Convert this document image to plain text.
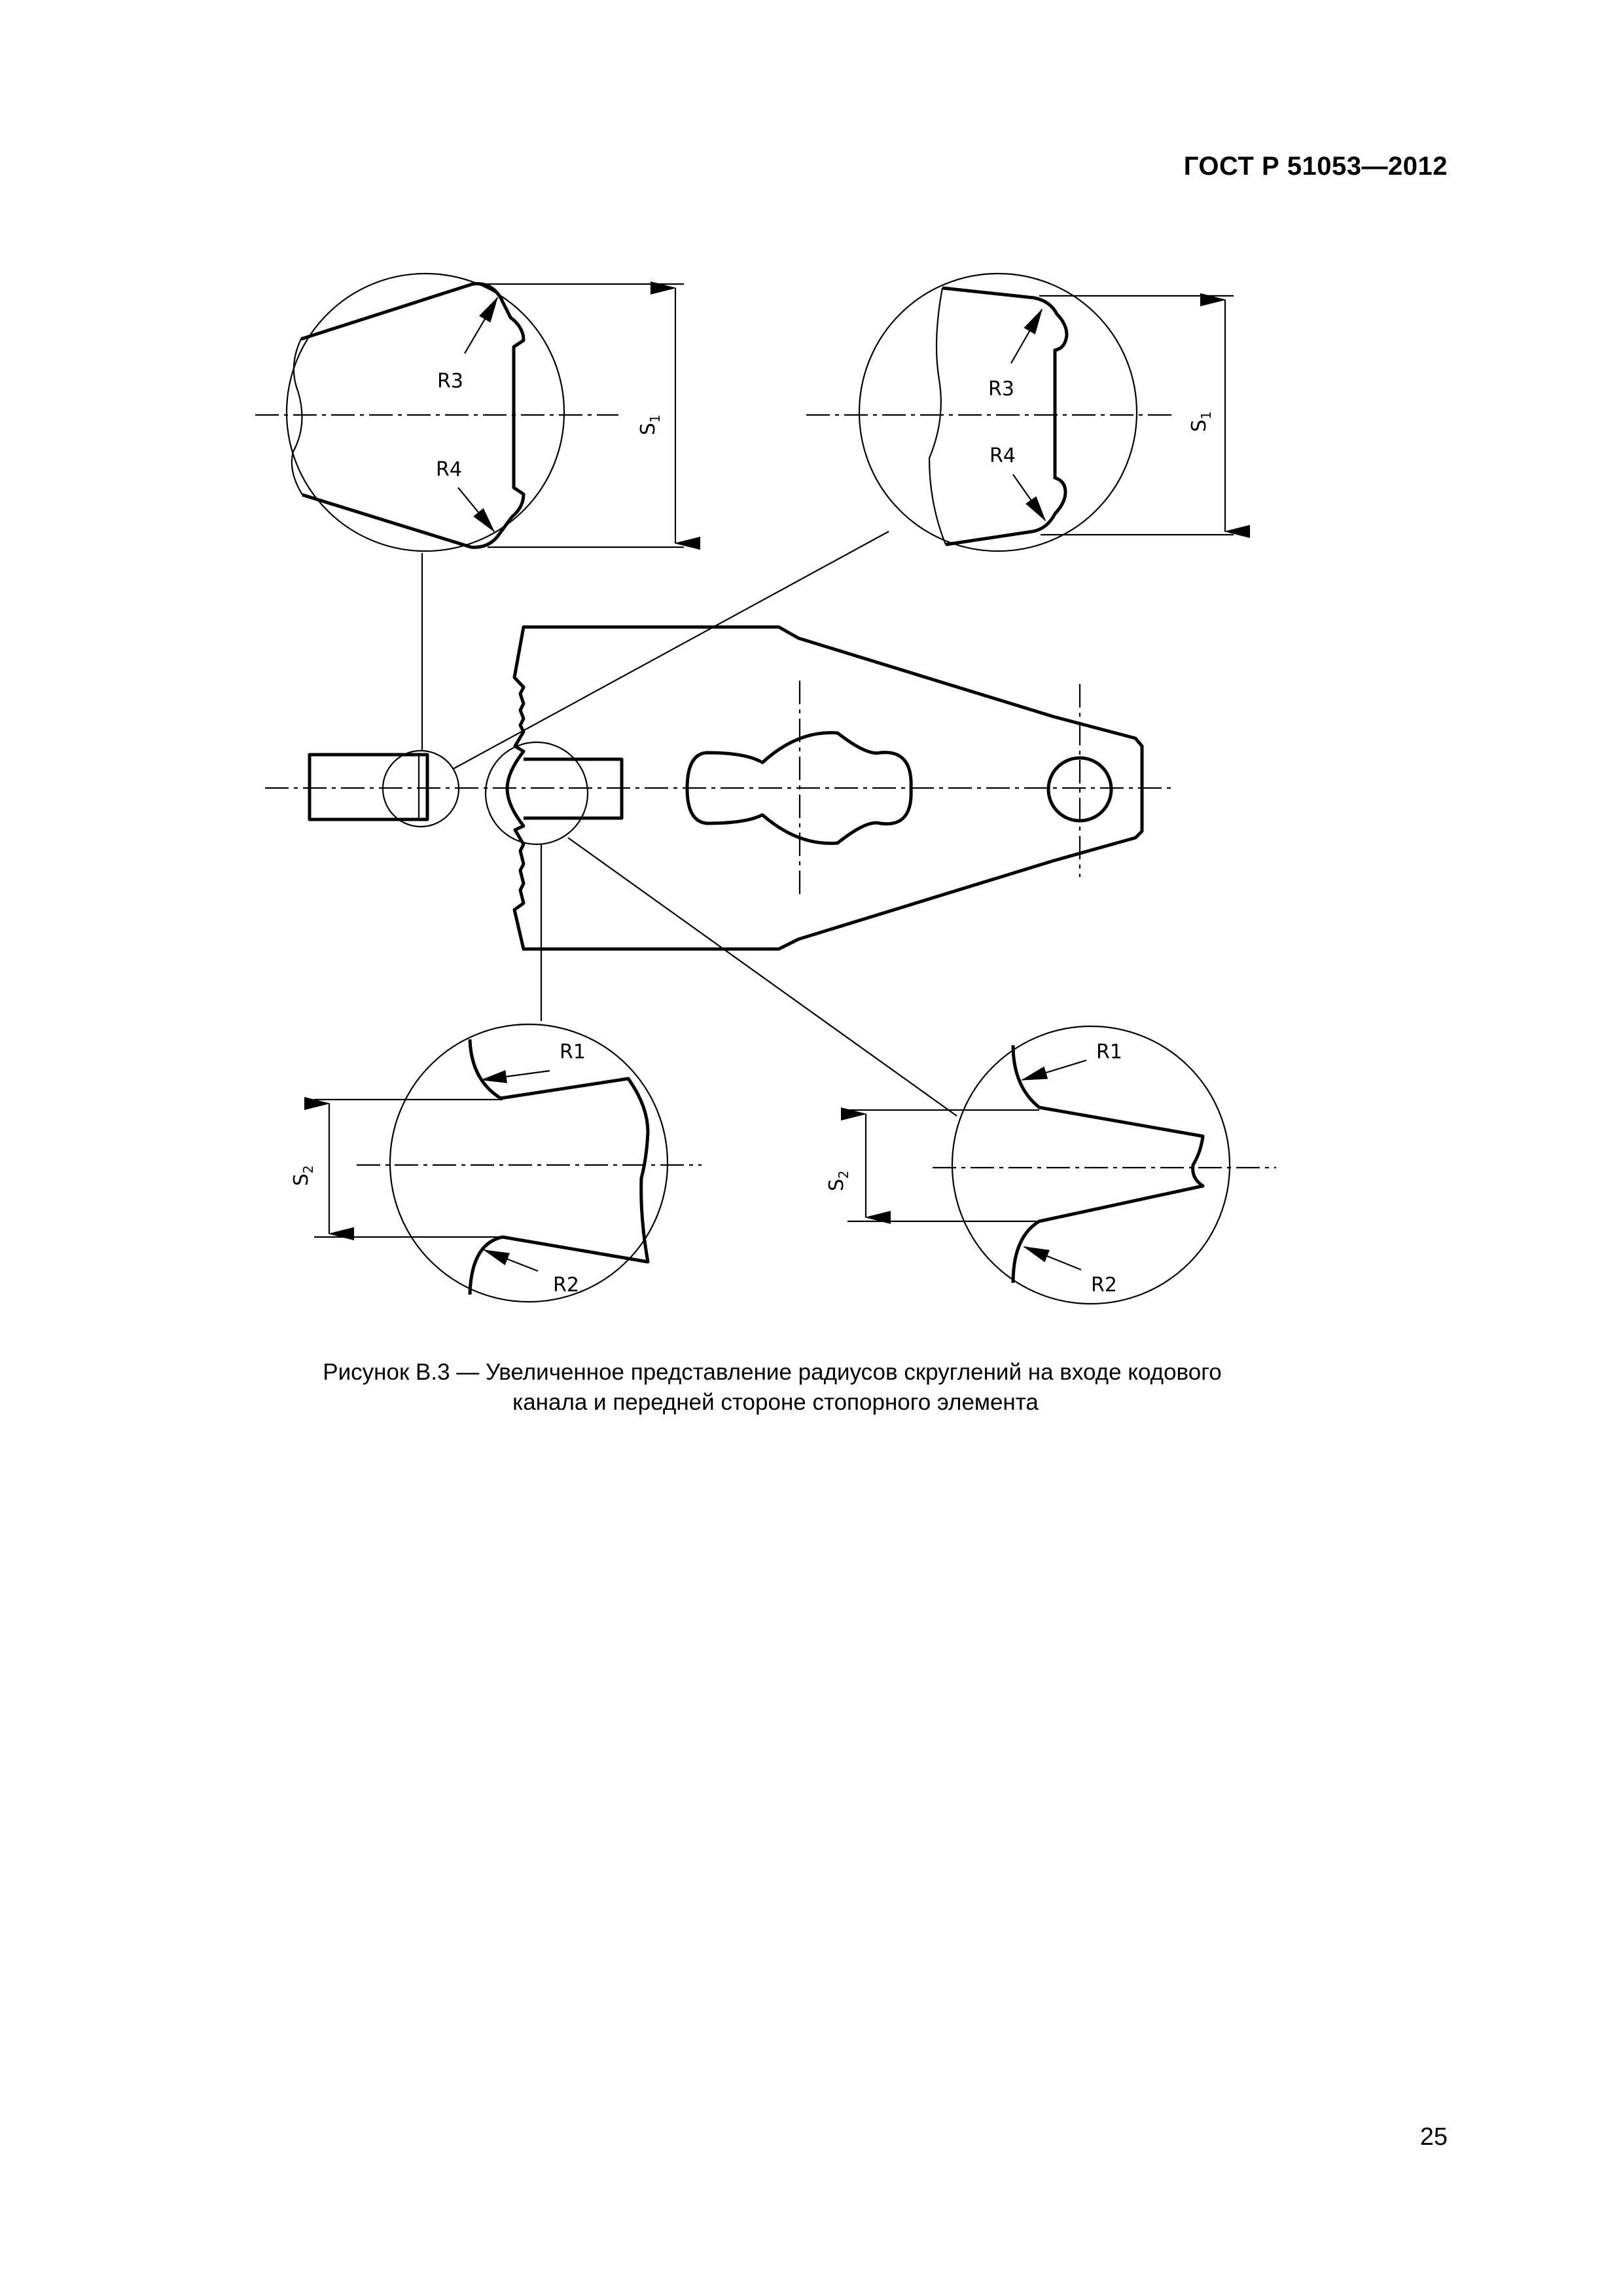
ГОСТ Р 51053—2012
R3
R4
$S_1$
R3
R4
$S_1$
R1
R2
$S_2$
R1
R2
$S_2$
Рисунок В.3 — Увеличенное представление радиусов скруглений на входе кодового
канала и передней стороне стопорного элемента
25
